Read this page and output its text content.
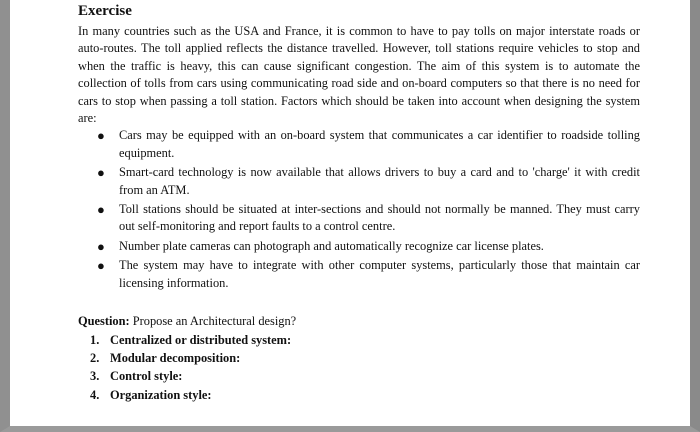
Exercise

In many countries such as the USA and France, it is common to have to pay tolls on major interstate roads or auto-routes. The toll applied reflects the distance travelled. However, toll stations require vehicles to stop and when the traffic is heavy, this can cause significant congestion. The aim of this system is to automate the collection of tolls from cars using communicating road side and on-board computers so that there is no need for cars to stop when passing a toll station. Factors which should be taken into account when designing the system are:

● Cars may be equipped with an on-board system that communicates a car identifier to roadside tolling equipment.
● Smart-card technology is now available that allows drivers to buy a card and to 'charge' it with credit from an ATM.
● Toll stations should be situated at inter-sections and should not normally be manned. They must carry out self-monitoring and report faults to a control centre.
● Number plate cameras can photograph and automatically recognize car license plates.
● The system may have to integrate with other computer systems, particularly those that maintain car licensing information.
Question: Propose an Architectural design?
1. Centralized or distributed system:
2. Modular decomposition:
3. Control style:
4. Organization style:
